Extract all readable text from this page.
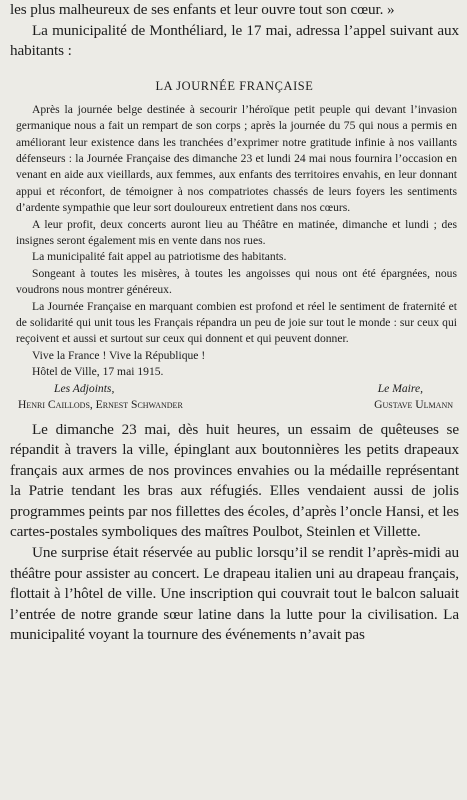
les plus malheureux de ses enfants et leur ouvre tout son cœur. »

La municipalité de Monthéliard, le 17 mai, adressa l’appel suivant aux habitants :

LA JOURNÉE FRANÇAISE

Après la journée belge destinée à secourir l’héroïque petit peuple qui devant l’invasion germanique nous a fait un rempart de son corps ; après la journée du 75 qui nous a permis en améliorant leur existence dans les tranchées d’exprimer notre gratitude infinie à nos vaillants défenseurs : la Journée Française des dimanche 23 et lundi 24 mai nous fournira l’occasion en venant en aide aux vieillards, aux femmes, aux enfants des territoires envahis, en leur donnant appui et réconfort, de témoigner à nos compatriotes chassés de leurs foyers les sentiments d’ardente sympathie que leur sort douloureux entretient dans nos cœurs.

A leur profit, deux concerts auront lieu au Théâtre en matinée, dimanche et lundi ; des insignes seront également mis en vente dans nos rues.

La municipalité fait appel au patriotisme des habitants.

Songeant à toutes les misères, à toutes les angoisses qui nous ont été épargnées, nous voudrons nous montrer généreux.

La Journée Française en marquant combien est profond et réel le sentiment de fraternité et de solidarité qui unit tous les Français répandra un peu de joie sur tout le monde : sur ceux qui reçoivent et aussi et surtout sur ceux qui donnent et qui peuvent donner.

Vive la France ! Vive la République !

Hôtel de Ville, 17 mai 1915.

Les Adjoints,	Le Maire,
Henri Caillods, Ernest Schwander	Gustave Ulmann

Le dimanche 23 mai, dès huit heures, un essaim de quêteuses se répandit à travers la ville, épinglant aux boutonnières les petits drapeaux français aux armes de nos provinces envahies ou la médaille représentant la Patrie tendant les bras aux réfugiés. Elles vendaient aussi de jolis programmes peints par nos fillettes des écoles, d’après l’oncle Hansi, et les cartes-postales symboliques des maîtres Poulbot, Steinlen et Villette.

Une surprise était réservée au public lorsqu’il se rendit l’après-midi au théâtre pour assister au concert. Le drapeau italien uni au drapeau français, flottait à l’hôtel de ville. Une inscription qui couvrait tout le balcon saluait l’entrée de notre grande sœur latine dans la lutte pour la civilisation. La municipalité voyant la tournure des événements n’avait pas
